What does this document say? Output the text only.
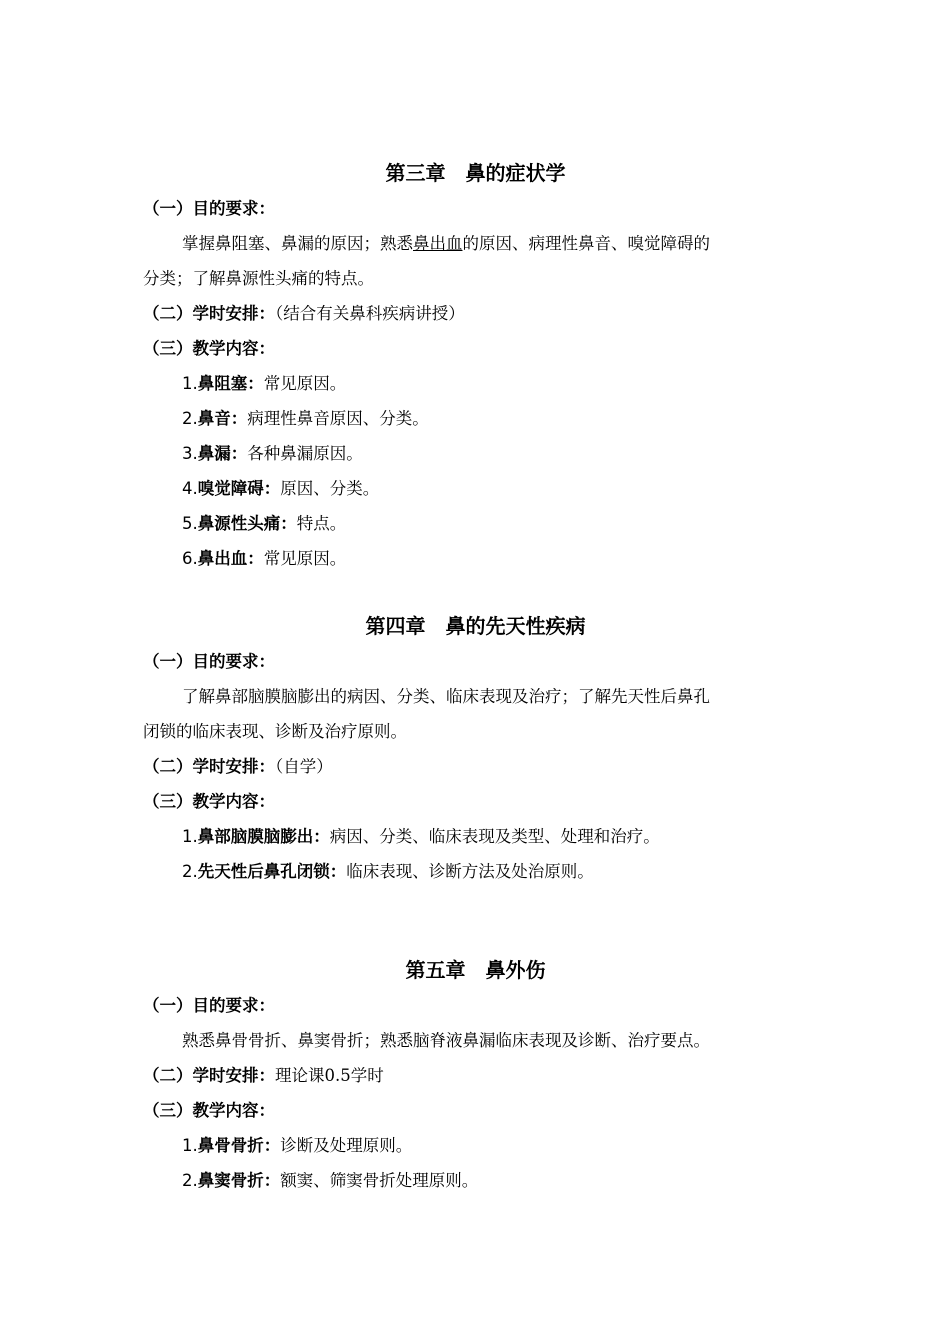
第三章　鼻的症状学
（一）目的要求：
掌握鼻阻塞、鼻漏的原因；熟悉鼻出血的原因、病理性鼻音、嗅觉障碍的
分类；了解鼻源性头痛的特点。
（二）学时安排：（结合有关鼻科疾病讲授）
（三）教学内容：
1.鼻阻塞：常见原因。
2.鼻音：病理性鼻音原因、分类。
3.鼻漏：各种鼻漏原因。
4.嗅觉障碍：原因、分类。
5.鼻源性头痛：特点。
6.鼻出血：常见原因。
第四章　鼻的先天性疾病
（一）目的要求：
了解鼻部脑膜脑膨出的病因、分类、临床表现及治疗；了解先天性后鼻孔
闭锁的临床表现、诊断及治疗原则。
（二）学时安排：（自学）
（三）教学内容：
1.鼻部脑膜脑膨出：病因、分类、临床表现及类型、处理和治疗。
2.先天性后鼻孔闭锁：临床表现、诊断方法及处治原则。
第五章　鼻外伤
（一）目的要求：
熟悉鼻骨骨折、鼻窦骨折；熟悉脑脊液鼻漏临床表现及诊断、治疗要点。
（二）学时安排：理论课0.5学时
（三）教学内容：
1.鼻骨骨折：诊断及处理原则。
2.鼻窦骨折：额窦、筛窦骨折处理原则。
